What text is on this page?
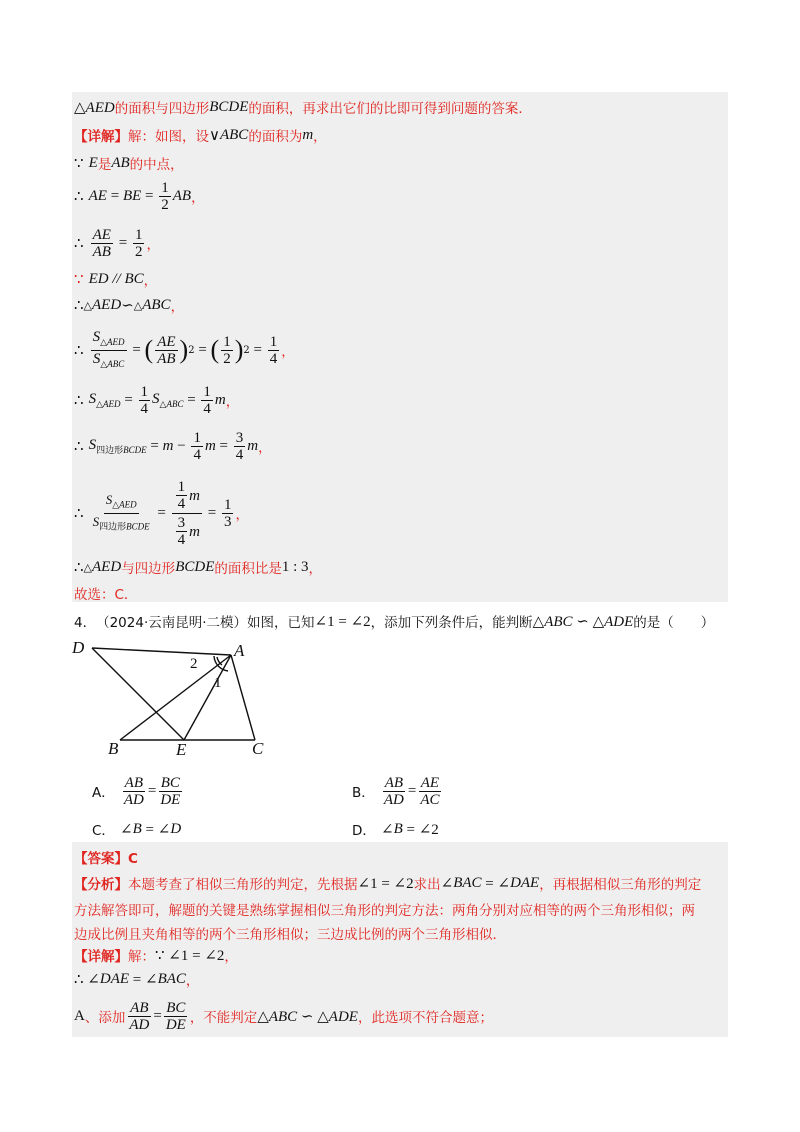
△AED 的面积与四边形 BCDE 的面积，再求出它们的比即可得到问题的答案．
【详解】 解：如图，设 ∨ ABC 的面积为 m ，
∵
E 是 AB 的中点，
∴
AE = BE = $\frac{1}{2}$ AB ，
∴
$\frac{AE}{AB} = \frac{1}{2}$ ，
∵
ED // BC ，
∴ △ AED ∽ △ ABC ，
∴
$\frac{S_{\triangle AED}}{S_{\triangle ABC}}$ = ( $\frac{AE}{AB}$ ) 2 = ( $\frac{1}{2}$ ) $2 = \frac{1}{4}$ ，
∴
$S_{\triangle AED} = \frac{1}{4} S_{\triangle ABC} = \frac{1}{4}$ m ，
∴
$S_{四边形BCDE} = m - \frac{1}{4}$ $m = \frac{3}{4}$ m ，
∴
$\frac{S_{\triangle AED}}{S_{四边形BCDE}} = \frac{\frac{1}{4} m}{\frac{3}{4} m} = \frac{1}{3}$ ，
∴ △ AED 与四边形 BCDE 的面积比是 1 : 3 ，
故选：C．
4． （2024·云南昆明·二模）如图，已知 ∠1 = ∠2 ，添加下列条件后，能判断 △ABC ∽ △ADE 的是（　　）
D	A
B	E	C
2
1
A．
$\frac{AB}{AD} = \frac{BC}{DE}$	B．
$\frac{AB}{AD} = \frac{AE}{AC}$
C．
∠ B = ∠ D	D．
∠ B = ∠2
【答案】C
【分析】 本题考查了相似三角形的判定，先根据 ∠1 = ∠2 求出 ∠ BAC = ∠ DAE ，再根据相似三角形的判定
方法解答即可，解题的关键是熟练掌握相似三角形的判定方法：两角分别对应相等的两个三角形相似；两
边成比例且夹角相等的两个三角形相似；三边成比例的两个三角形相似．
【详解】 解： ∵ ∠1 = ∠2 ，
∴ ∠ DAE = ∠ BAC ，
A 、添加 $\frac{AB}{AD} = \frac{BC}{DE}$ ，不能判定 △ABC ∽ △ADE ，此选项不符合题意；
